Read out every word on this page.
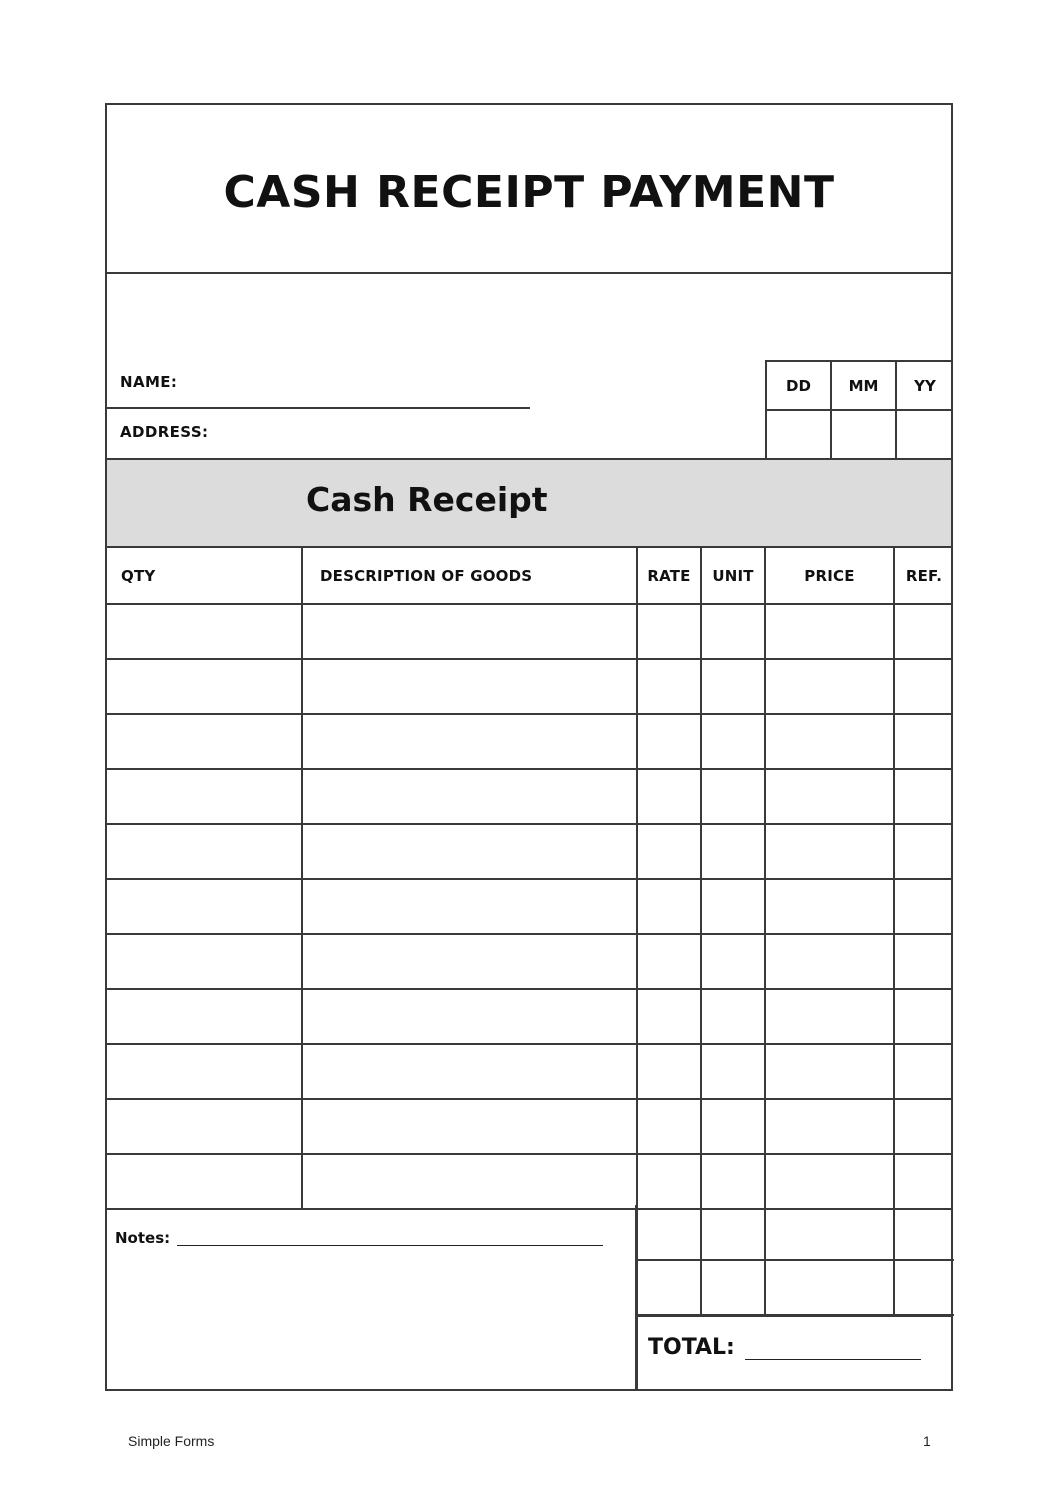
CASH RECEIPT PAYMENT
NAME:
ADDRESS:
DD	MM	YY
Cash Receipt
QTY	DESCRIPTION OF GOODS	RATE	UNIT	PRICE	REF.

Notes:

TOTAL:
Simple Forms	1
